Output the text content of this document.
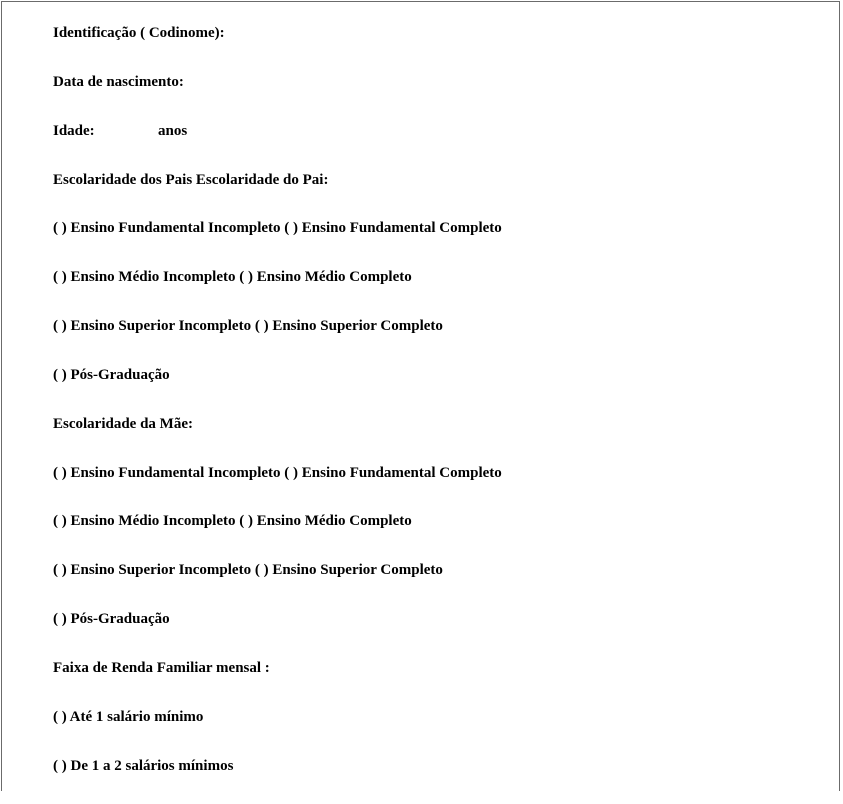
Identificação ( Codinome):
Data de nascimento:
Idade:	anos
Escolaridade dos Pais Escolaridade do Pai:
( ) Ensino Fundamental Incompleto ( ) Ensino Fundamental Completo
( ) Ensino Médio Incompleto ( ) Ensino Médio Completo
( ) Ensino Superior Incompleto ( ) Ensino Superior Completo
( ) Pós-Graduação
Escolaridade da Mãe:
( ) Ensino Fundamental Incompleto ( ) Ensino Fundamental Completo
( ) Ensino Médio Incompleto ( ) Ensino Médio Completo
( ) Ensino Superior Incompleto ( ) Ensino Superior Completo
( ) Pós-Graduação
Faixa de Renda Familiar mensal :
( ) Até 1 salário mínimo
( ) De 1 a 2 salários mínimos
